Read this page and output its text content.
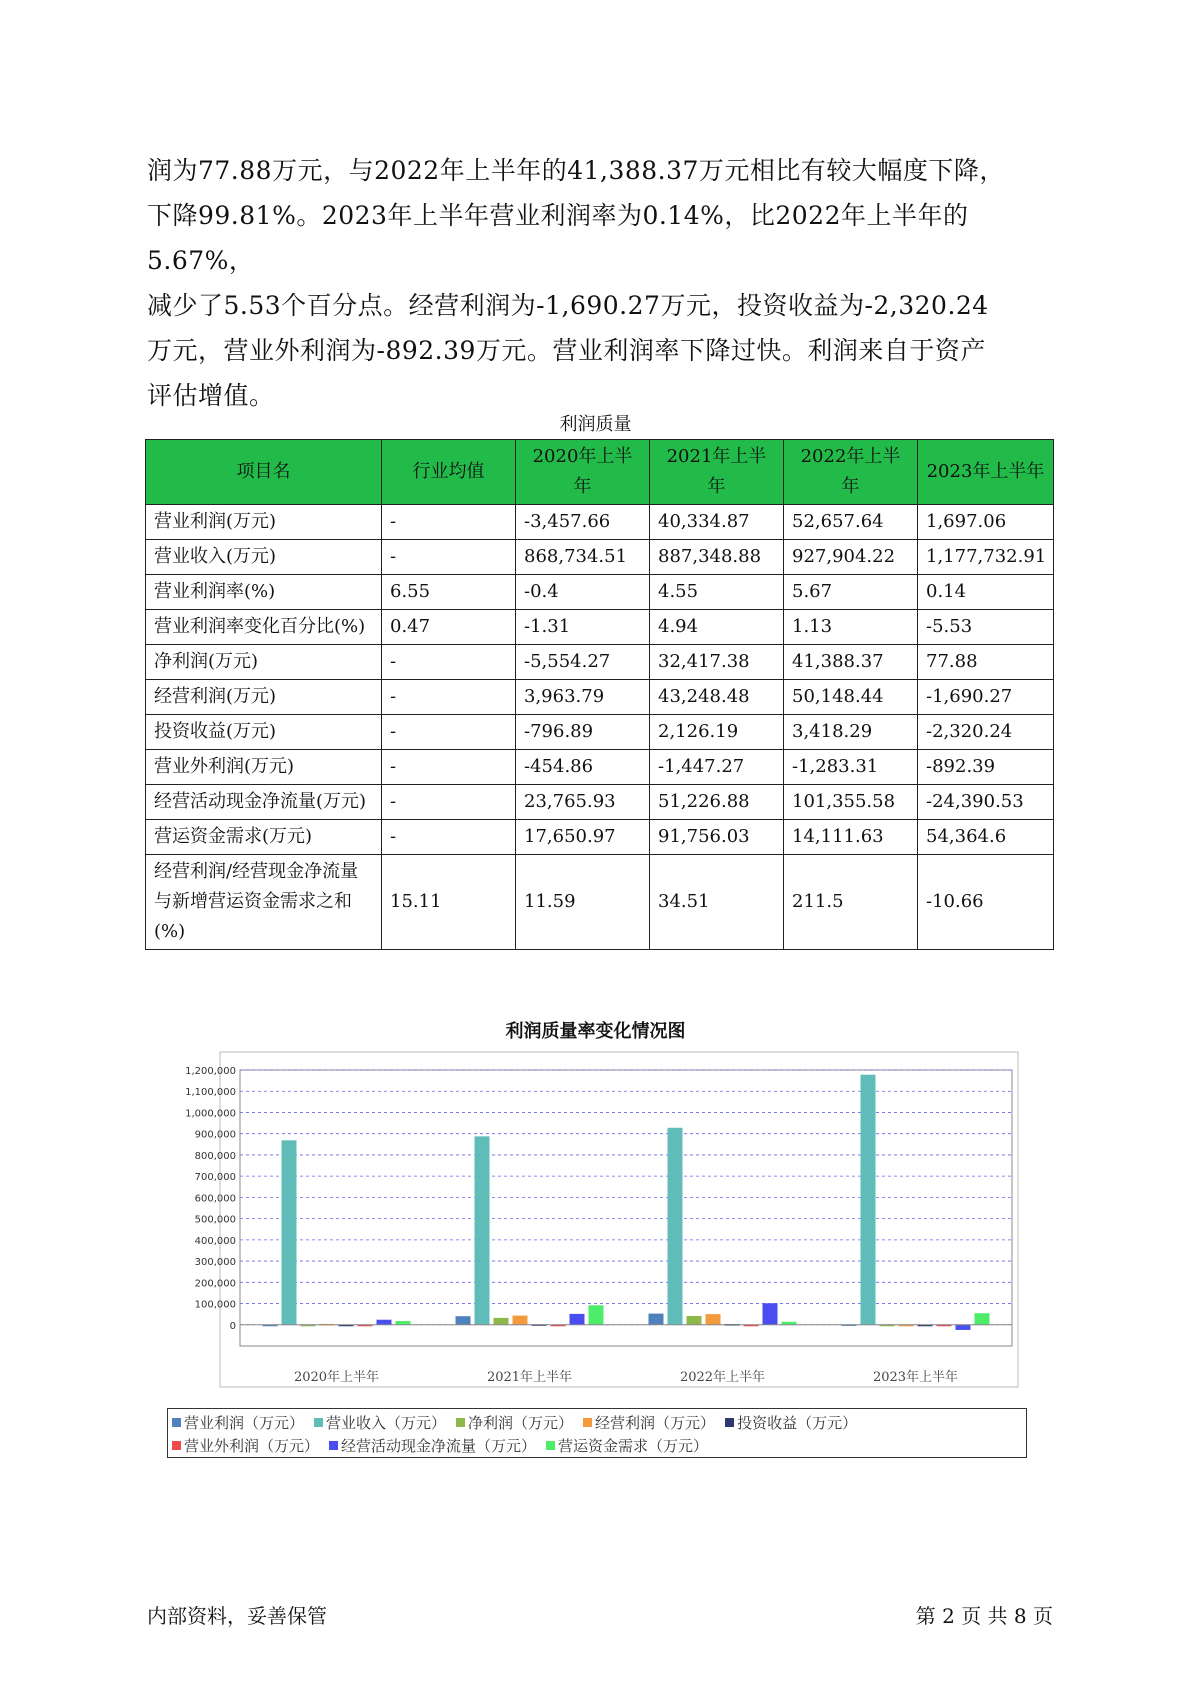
润为77.88万元，与2022年上半年的41,388.37万元相比有较大幅度下降，

下降99.81%。2023年上半年营业利润率为0.14%，比2022年上半年的5.67%，

减少了5.53个百分点。经营利润为-1,690.27万元，投资收益为-2,320.24

万元，营业外利润为-892.39万元。营业利润率下降过快。利润来自于资产

评估增值。

利润质量
项目名	行业均值	2020年上半年	2021年上半年	2022年上半年	2023年上半年
营业利润(万元)	-	-3,457.66	40,334.87	52,657.64	1,697.06
营业收入(万元)	-	868,734.51	887,348.88	927,904.22	1,177,732.91
营业利润率(%)	6.55	-0.4	4.55	5.67	0.14
营业利润率变化百分比(%)	0.47	-1.31	4.94	1.13	-5.53
净利润(万元)	-	-5,554.27	32,417.38	41,388.37	77.88
经营利润(万元)	-	3,963.79	43,248.48	50,148.44	-1,690.27
投资收益(万元)	-	-796.89	2,126.19	3,418.29	-2,320.24
营业外利润(万元)	-	-454.86	-1,447.27	-1,283.31	-892.39
经营活动现金净流量(万元)	-	23,765.93	51,226.88	101,355.58	-24,390.53
营运资金需求(万元)	-	17,650.97	91,756.03	14,111.63	54,364.6
经营利润/经营现金净流量与新增营运资金需求之和(%)	15.11	11.59	34.51	211.5	-10.66
利润质量率变化情况图
0
100,000
200,000
300,000
400,000
500,000
600,000
700,000
800,000
900,000
1,000,000
1,100,000
1,200,000
2020年上半年	2021年上半年	2022年上半年	2023年上半年
营业利润（万元） 营业收入（万元） 净利润（万元） 经营利润（万元） 投资收益（万元）
营业外利润（万元） 经营活动现金净流量（万元） 营运资金需求（万元）
内部资料，妥善保管	第 2 页 共 8 页
